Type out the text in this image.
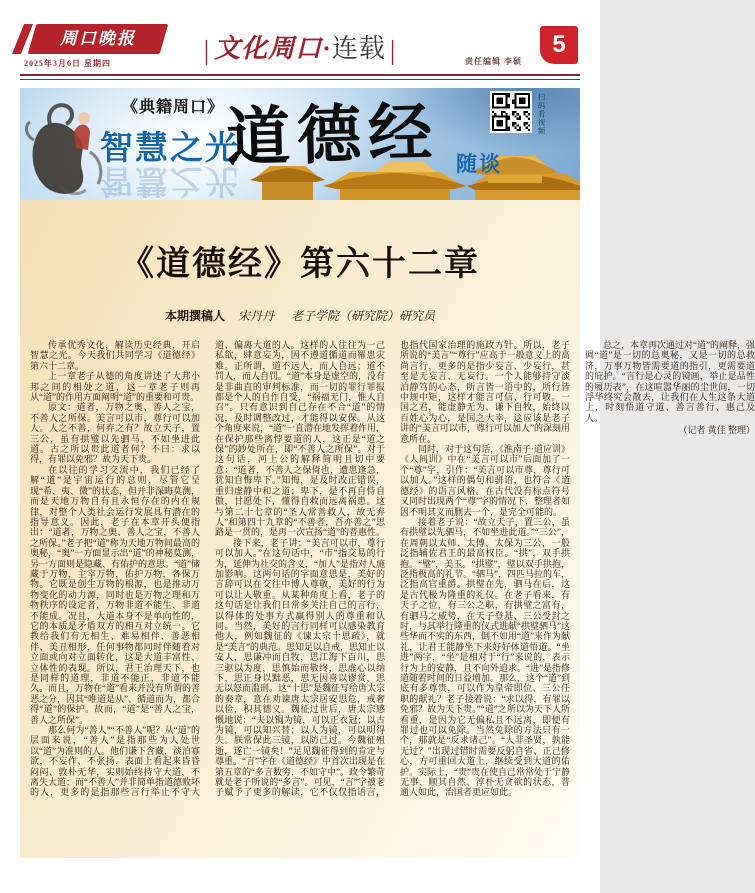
周口晚报
2025年3月6日 星期四	| 文化周口·连载 |	责任编辑 李硕
5
《典籍周口》
智慧之光
智慧之光
道德经 随谈
扫码看视频
《道德经》第六十二章
本期撰稿人 宋丹丹 老子学院（研究院）研究员

传承优秀文化，解读历史经典，开启智慧之光。今天我们共同学习《道德经》第六十二章。

上一章老子从德的角度讲述了大邦小邦之间的相处之道，这一章老子则再从“道”的作用方面阐明“道”的重要和可贵。

原文：道者，万物之奥、善人之宝，不善人之所保。美言可以市，尊行可以加人。人之不善，何弃之有？故立天子，置三公，虽有拱璧以先驷马，不如坐进此道。古之所以贵此道者何？不曰：求以得，有罪以免邪？故为天下贵。

在以往的学习交流中，我们已经了解“道”是宇宙运行的总则，尽管它呈现“希、夷、微”的状态，但并非深晦莫测，而是天地万物自有且永恒存在的内在规律，对整个人类社会运行发展具有潜在的指导意义。因此，老子在本章开头便指出：“道者，万物之奥、善人之宝，不善人之所保。”老子把“道”称为天地万物间最高的奥秘，“奥”一方面显示出“道”的神秘莫测，另一方面则是隐藏、有佑护的意思。“道”储藏于万物，主宰万物，佑护万物，各保万物。它既是创生万物的根源，也是推动万物变化的动力源，同时也是万物之理和万物秩序的设定者，万物非道不能生、非道不能成。况且，大道本身不是单向性的，它的本质是矛盾双方的相互对立统一。它教给我们有无相生、难易相伴、善恶相伴、美丑相形，任何事物都同时伴随着对立面或向对立面转化，这是大道丰富性、立体性的表现。所以，君王治理天下，也是同样的道理，非道不能正，非道不能久。而且，万物在“道”看来并没有所谓的善恶之分，因其“唯道是从”、循道而为，都合得“道”的保护。故而，“道”是“善人之宝，善人之所保”。

那么何为“善人”“不善人”呢？从“道”的层面来说，“善人”是指那些为人处世以“道”为准则的人。他们谦下含藏，淡泊寡欲，不妄作、不张扬，表面上看起来昏昏闷闷、敦朴无华，实则始终持守大道，不离失大道；而“不善人”并非简单指道德败坏的人，更多的是指那些言行举止不守大道、偏离大道的人。这样的人往往为一己私欲，肆意妄为，因不遵道循道而罹患灾难。正所谓，道不远人，而人自远；道不罚人，而人自罚。“道”本身是虚空的，没有是非曲直的审判标准，而一切的罪行罪报都是个人的自作自受，“祸福无门，惟人自召”。只有意识到自己存在不合“道”的情况，及时调整改过，才能得以安保。从这个角度来说，“道”一直潜在地发挥着作用，在保护那些离悖要道的人，这正是“道之保”的妙处所在，即“不善人之所保”。对于这句话，河上公的解释简明且切中要意：“道者，不善人之保倚也，遭患逢急，犹知自悔卑下。”知悔，是及时改正错误，重归虚静中和之道；卑下，是不再自恃自傲，甘愿处下，懂得自救而远离祸患。这与第二十七章的“圣人常善救人，故无弃人”和第四十九章的“不善者，吾亦善之”思路是一贯的，是再一次宣扬“道”的普惠性。

接下来，老子讲：“美言可以市，尊行可以加人。”在这句话中，“市”指交易的行为，延伸为社交的含义，“加人”是指对人施加影响。这两句话的字面意思是，美好的言辞可以在交往中博人尊敬，美好的行为可以让人敬重。从某种角度上看，老子的这句话是让我们日常多关注自己的言行，以得体的处事方式赢得别人的尊重和认同。当然，美好的言行同样可以感染教育他人，例如魏征的《谏太宗十思疏》，就是“美言”的典范。思知足以自戒，思知止以安人，思谦冲而自牧，思江海下百川，思三驱以为度，思慎始而敬终，思虚心以纳下，思正身以黜恶，思无因喜以谬赏，思无以怒而滥刑。这“十思”是魏征写给唐太宗的奏章，意在劝谏唐太宗居安思危，戒奢以俭，积其德义。魏征过世后，唐太宗感慨地说：“夫以铜为镜，可以正衣冠；以古为镜，可以知兴替；以人为镜，可以明得失。朕常保此三镜，以防己过。今魏征殂逝，遂亡一镜矣！”足见魏征得到的肯定与尊重。“言”字在《道德经》中首次出现是在第五章的“多言数穷，不如守中”。政令繁苛就是老子所说的“多言”。可见，“言”字被老子赋予了更多的解读，它不仅仅指语言，也指代国家治理的施政方针。所以，老子所说的“美言”“尊行”应高于一般意义上的高尚言行，更多的是指少妄言、少妄行，甚至是无妄言、无妄行。一个人能够持守淡泊静笃的心态，所言皆一语中的，所行皆中规中矩，这样才能言可信、行可敬。一国之君，能虚静无为、谦下自牧，始终以百姓心为心，是国之大幸，这应该是老子讲的“美言可以市，尊行可以加人”的深刻用意所在。

同时，对于这句话，《淮南子·道应训》《人间训》中在“美言可以市”后面加了一个“尊”字，引作：“美言可以市尊，尊行可以加人。”这样的偶句和骈语，也符合《道德经》的语言风格。在古代没有标点符号又同时出现两个“尊”字的情况下，整理者如因不明其义而删去一个，是完全可能的。

接着老子说：“故立天子，置三公，虽有拱璧以先驷马，不如坐进此道。”“三公”，在周朝以太师、太傅、太保为三公，一般泛指辅佐君王的最高权臣。“拱”，双手拱抱。“璧”，美玉。“拱璧”，璧以双手拱抱，泛指极高的礼节。“驷马”，四匹马拉的车，泛指高官重爵。拱璧在先，驷马在后，这是古代极为隆重的礼仪。在老子看来，有天子之位，有三公之职，有拱璧之富有，有驷马之威势，在天子登基、三公受封之时，与其举行隆重的仪式进献“拱璧驷马”这些华而不实的东西，倒不如用“道”来作为献礼，让君王能静坐下来好好体道悟道。“坐进”两字，“坐”是相对于“行”来说的，表示行为上的安静，且不向外追求。“进”是指修道随着时间的日益增加。那么，这个“道”到底有多尊贵，可以作为皇帝即位、三公任职的献礼？老子接着说：“求以得，有罪以免邪？故为天下贵。”“道”之所以为天下人所看重，是因为它无偏私且不远离，即便有罪过也可以免除。当然免除的方法只有一个，那就是“反求诸己”。“人非圣贤，孰能无过？”出现过错时需要反躬自省、正己修心，方可重回大道上，继续受到大道的佑护。实际上，“贵”贵在使自己常常处于宁静无事、顺其自然、淳朴无贪欲的状态，普通人如此，治国者更应如此。

总之，本章再次通过对“道”的阐释，强调“道”是一切的总奥秘，又是一切的总救济，万事万物皆需要道的指引，更需要道的庇护。“言行是心灵的镜画，举止是品性的履历表”，在这喧嚣华丽的尘世间，一切浮华终究会散去，让我们在人生这条大道上，时刻悟道守道、善言善行、惠己及人。

（记者 黄佳 整理）
